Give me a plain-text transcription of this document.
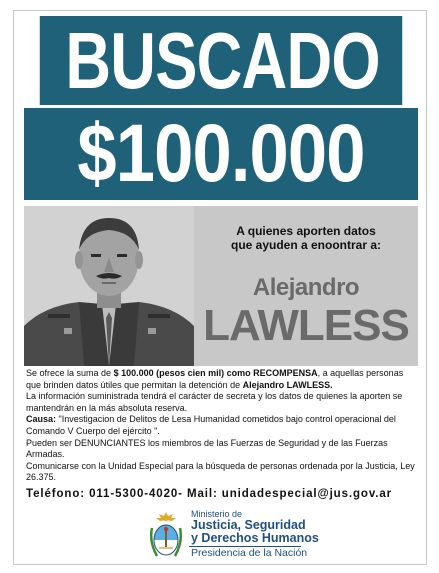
BUSCADO
$100.000
A quienes aporten datos
que ayuden a enoontrar a:
Alejandro
LAWLESS

Se ofrece la suma de $ 100.000 (pesos cien mil) como RECOMPENSA, a aquellas personas que brinden datos útiles que permitan la detención de Alejandro LAWLESS.

La información suministrada tendrá el carácter de secreta y los datos de quienes la aporten se mantendrán en la más absoluta reserva.

Causa: "Investigacion de Delitos de Lesa Humanidad cometidos bajo control operacional del Comando V Cuerpo del ejército ".

Pueden ser DENUNCIANTES los miembros de las Fuerzas de Seguridad y de las Fuerzas Armadas.

Comunicarse con la Unidad Especial para la búsqueda de personas ordenada por la Justicia, Ley 26.375.

Teléfono: 011-5300-4020- Mail: unidadespecial@jus.gov.ar
Ministerio de
Justicia, Seguridad
y Derechos Humanos
Presidencia de la Nación
